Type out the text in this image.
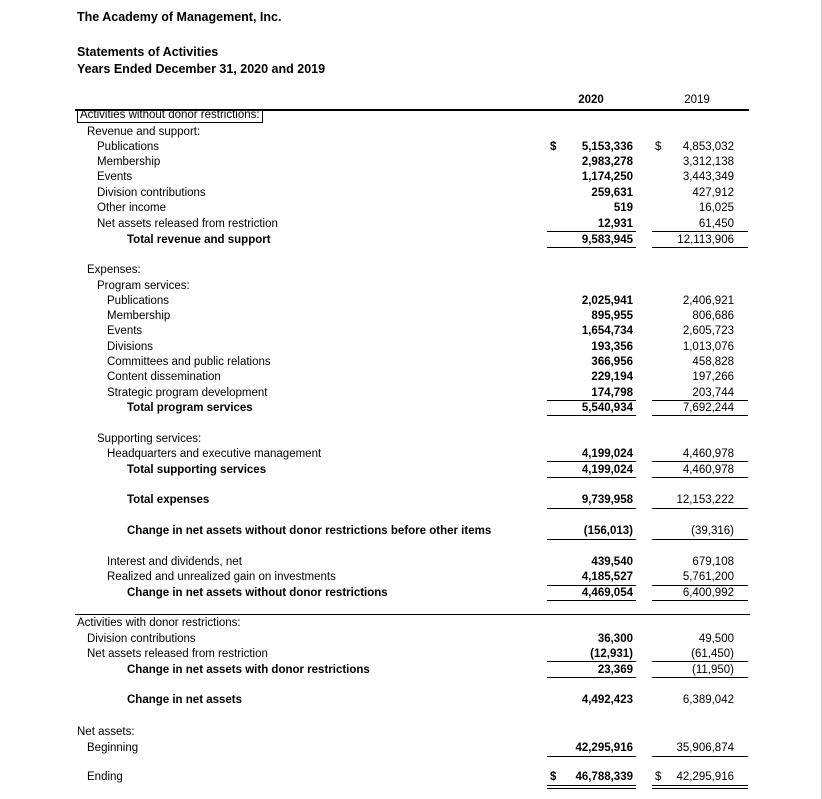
The Academy of Management, Inc.
Statements of Activities
Years Ended December 31, 2020 and 2019
2020	2019
Activities without donor restrictions:
Revenue and support:
Publications	$	5,153,336 $	4,853,032
Membership	2,983,278	3,312,138
Events	1,174,250	3,443,349
Division contributions	259,631	427,912
Other income	519	16,025
Net assets released from restriction	12,931	61,450
Total revenue and support	9,583,945	12,113,906
Expenses:
Program services:
Publications	2,025,941	2,406,921
Membership	895,955	806,686
Events	1,654,734	2,605,723
Divisions	193,356	1,013,076
Committees and public relations	366,956	458,828
Content dissemination	229,194	197,266
Strategic program development	174,798	203,744
Total program services	5,540,934	7,692,244
Supporting services:
Headquarters and executive management	4,199,024	4,460,978
Total supporting services	4,199,024	4,460,978
Total expenses	9,739,958	12,153,222
Change in net assets without donor restrictions before other items	(156,013)	(39,316)
Interest and dividends, net	439,540	679,108
Realized and unrealized gain on investments	4,185,527	5,761,200
Change in net assets without donor restrictions	4,469,054	6,400,992
Activities with donor restrictions:
Division contributions	36,300	49,500
Net assets released from restriction	(12,931)	(61,450)
Change in net assets with donor restrictions	23,369	(11,950)
Change in net assets	4,492,423	6,389,042
Net assets:
Beginning	42,295,916	35,906,874
Ending	$	46,788,339 $	42,295,916
